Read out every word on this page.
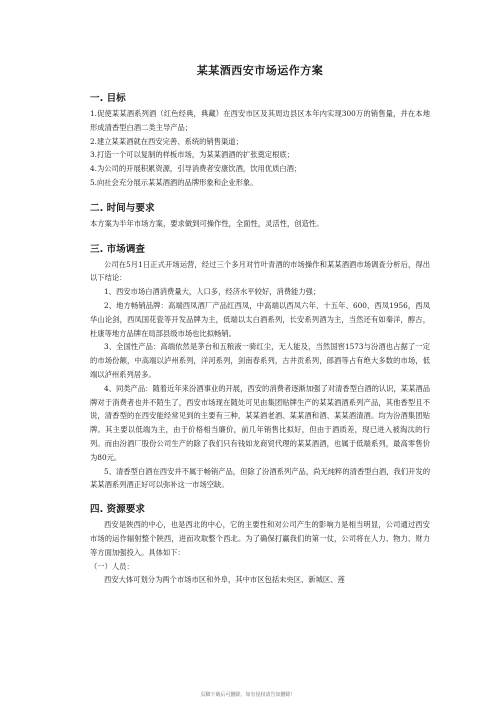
某某酒西安市场运作方案
一. 目标

1.促使某某酒系列酒（红色经典，典藏）在西安市区及其周边县区本年内实现300万的销售量，并在本地形成清香型白酒二类主导产品；

2.建立某某酒就在西安完善、系统的销售渠道；

3.打造一个可以复制的样板市场，为某某酒酒的扩张奠定根底；

4.为公司的开展积累资源，引导消费者安康饮酒，饮用优质白酒；

5.向社会充分展示某某酒酒的品牌形象和企业形象。

二. 时间与要求

本方案为半年市场方案，要求做到可操作性，全面性，灵活性，创造性。

三. 市场调查

公司在5月1日正式开场运营，经过三个多月对竹叶青酒的市场操作和某某酒酒市场调查分析后，得出以下结论：

1、西安市场白酒消费量大，人口多，经济水平较好，消费能力强；

2、地方畅销品牌：高端西凤酒厂产品红西凤，中高端以西凤六年、十五年、600、西凤1956，西凤华山论剑，西凤国花瓷等开发品牌为主，低端以太白酒系列，长安系列酒为主，当然还有如秦洋，醇古，杜康等地方品牌在局部县级市场也比拟畅销。

3、全国性产品：高端依然是茅台和五粮液一骑红尘，无人能及，当然国窖1573与汾酒也占据了一定的市场份额，中高端以泸州系列，洋河系列，剑南春系列，古井贡系列，郎酒等占有绝大多数的市场，低端以泸州系列居多。

4、同类产品：随着近年来汾酒事业的开展，西安的消费者逐渐加强了对清香型白酒的认识，某某酒品牌对于消费者也并不陌生了，西安市场现在随处可见由集团贴牌生产的某某酒酒系列产品，其他香型且不说，清香型的在西安能经常见到的主要有三种，某某酒老酒、某某酒和酒、某某酒清酒。均为汾酒集团贴牌。其主要以低端为主，由于价格相当廉价，前几年销售比拟好，但由于酒质差，现已进入被淘汰的行列。而由汾酒厂股份公司生产的除了我们只有钱如龙商贸代理的某某酒酒，也属于低端系列，最高零售价为80元。

5、清香型白酒在西安并不属于畅销产品，但除了汾酒系列产品，尚无纯粹的清香型白酒，我们开发的某某酒系列酒正好可以弥补这一市场空缺。

四. 资源要求

西安是陕西的中心，也是西北的中心，它的主要性和对公司产生的影响力是相当明显，公司通过西安市场的运作辐射整个陕西，进而攻取整个西北。为了确保打赢我们的第一仗，公司将在人力、物力、财力等方面加强投入。具体如下：

（一）人员：

西安大体可划分为两个市场市区和外阜，其中市区包括未央区、新城区、莲

页脚下载后可删除，如有侵权请告知删除！
